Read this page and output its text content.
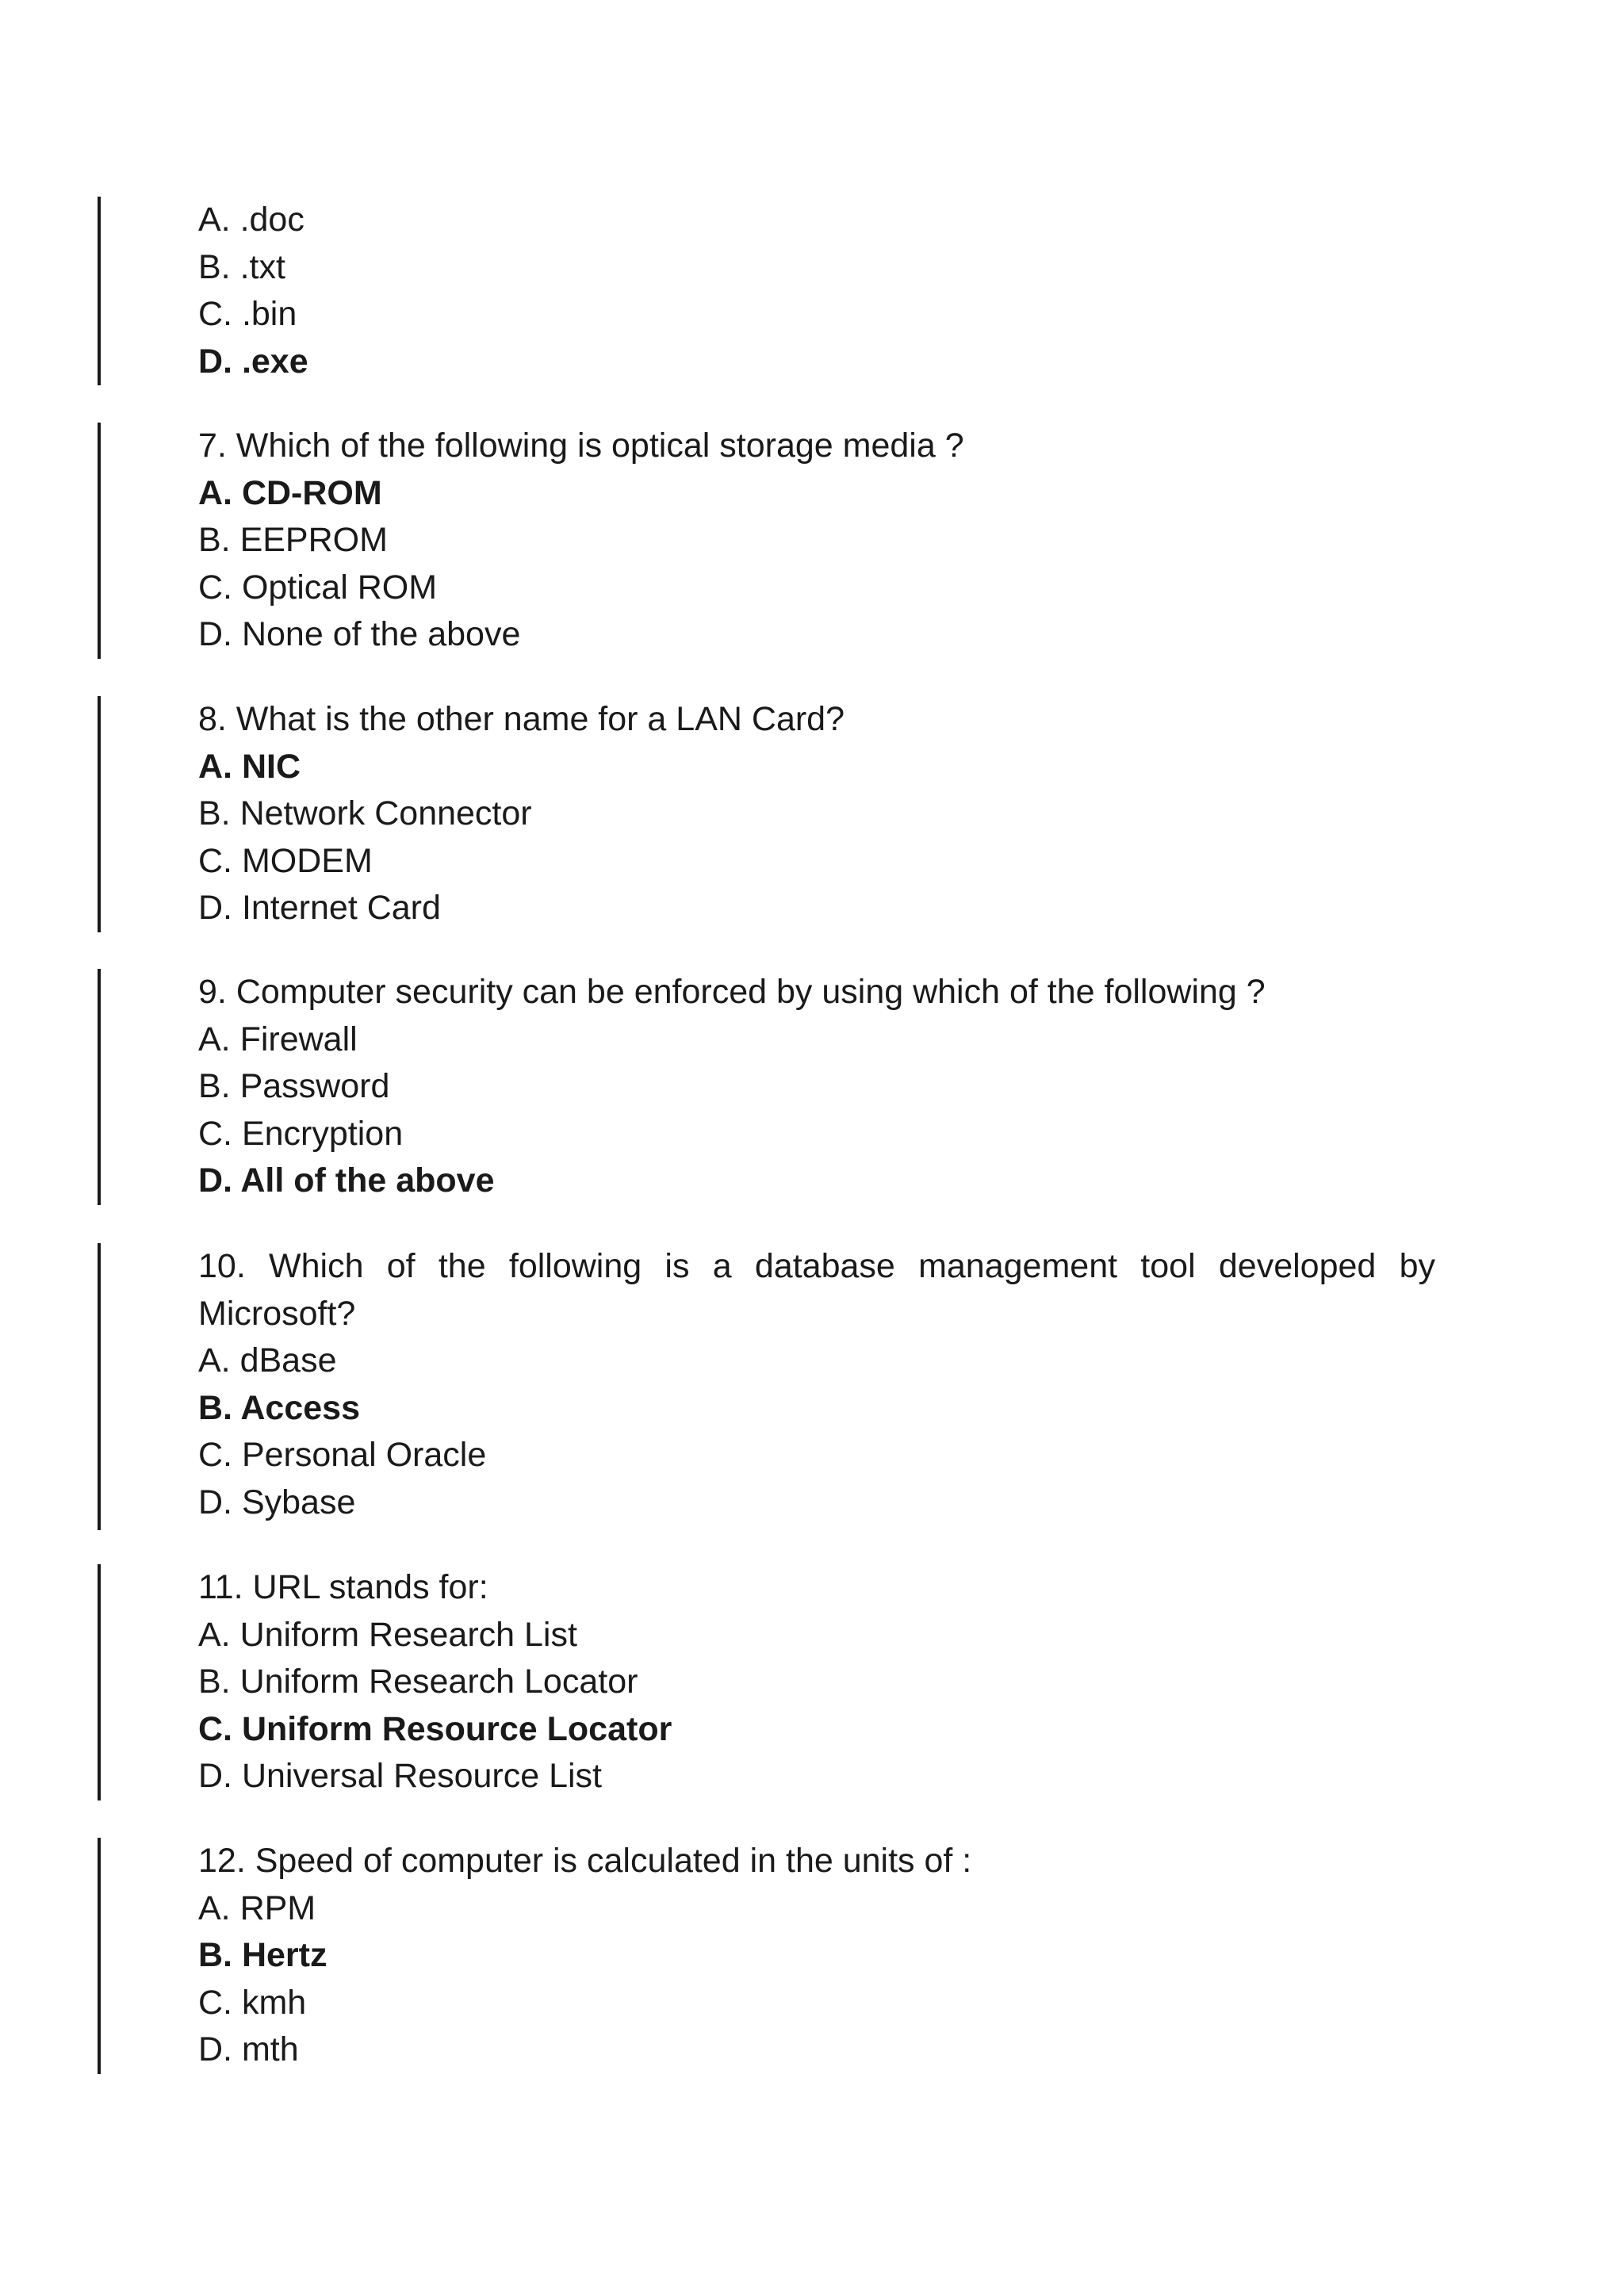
A. .doc
B. .txt
C. .bin
D. .exe
7. Which of the following is optical storage media ?
A. CD-ROM
B. EEPROM
C. Optical ROM
D. None of the above
8. What is the other name for a LAN Card?
A. NIC
B. Network Connector
C. MODEM
D. Internet Card
9. Computer security can be enforced by using which of the following ?
A. Firewall
B. Password
C. Encryption
D. All of the above
10. Which of the following is a database management tool developed by Microsoft?
A. dBase
B. Access
C. Personal Oracle
D. Sybase
11. URL stands for:
A. Uniform Research List
B. Uniform Research Locator
C. Uniform Resource Locator
D. Universal Resource List
12. Speed of computer is calculated in the units of :
A. RPM
B. Hertz
C. kmh
D. mth
